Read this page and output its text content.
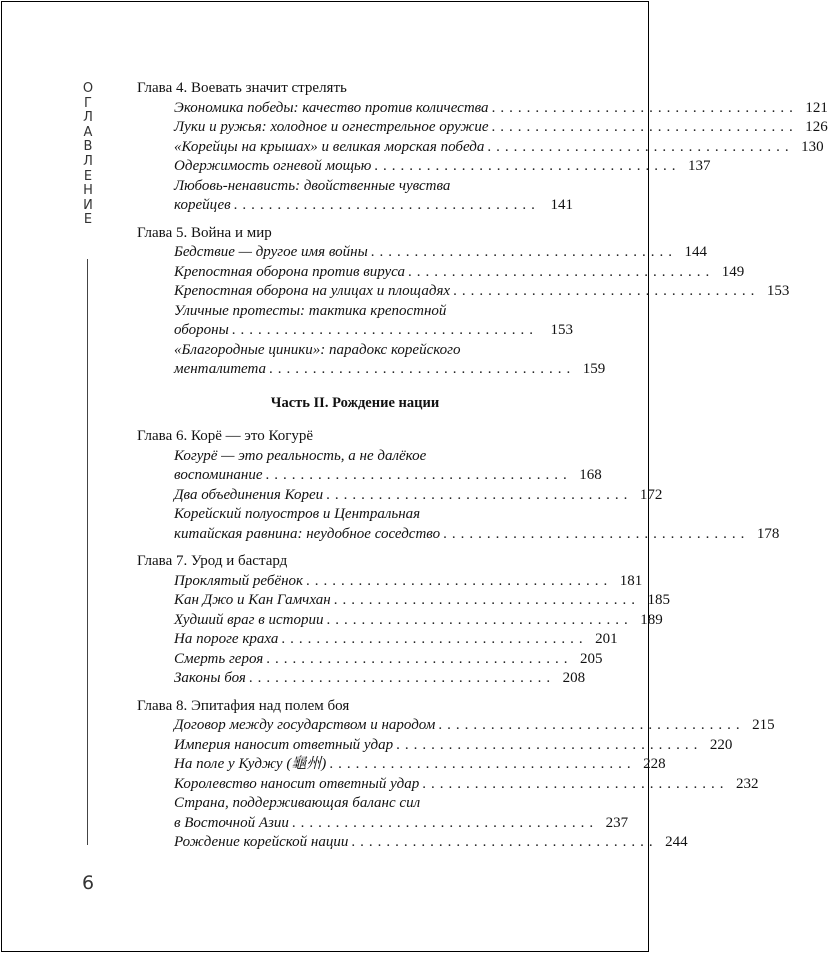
ОГЛАВЛЕНИЕ
6
Глава 4. Воевать значит стрелять
Экономика победы: качество против количества ................................... 121
Луки и ружья: холодное и огнестрельное оружие ................................... 126
«Корейцы на крышах» и великая морская победа ................................... 130
Одержимость огневой мощью ................................... 137
Любовь-ненависть: двойственные чувства
корейцев ................................... 141
Глава 5. Война и мир
Бедствие — другое имя войны ................................... 144
Крепостная оборона против вируса ................................... 149
Крепостная оборона на улицах и площадях ................................... 153
Уличные протесты: тактика крепостной
обороны ................................... 153
«Благородные циники»: парадокс корейского
менталитета ................................... 159
Часть II. Рождение нации
Глава 6. Корё — это Когурё
Когурё — это реальность, а не далёкое
воспоминание ................................... 168
Два объединения Кореи ................................... 172
Корейский полуостров и Центральная
китайская равнина: неудобное соседство ................................... 178
Глава 7. Урод и бастард
Проклятый ребёнок ................................... 181
Кан Джо и Кан Гамчхан ................................... 185
Худший враг в истории ................................... 189
На пороге краха ................................... 201
Смерть героя ................................... 205
Законы боя ................................... 208
Глава 8. Эпитафия над полем боя
Договор между государством и народом ................................... 215
Империя наносит ответный удар ................................... 220
На поле у Куджу (龜州) ................................... 228
Королевство наносит ответный удар ................................... 232
Страна, поддерживающая баланс сил
в Восточной Азии ................................... 237
Рождение корейской нации ................................... 244
